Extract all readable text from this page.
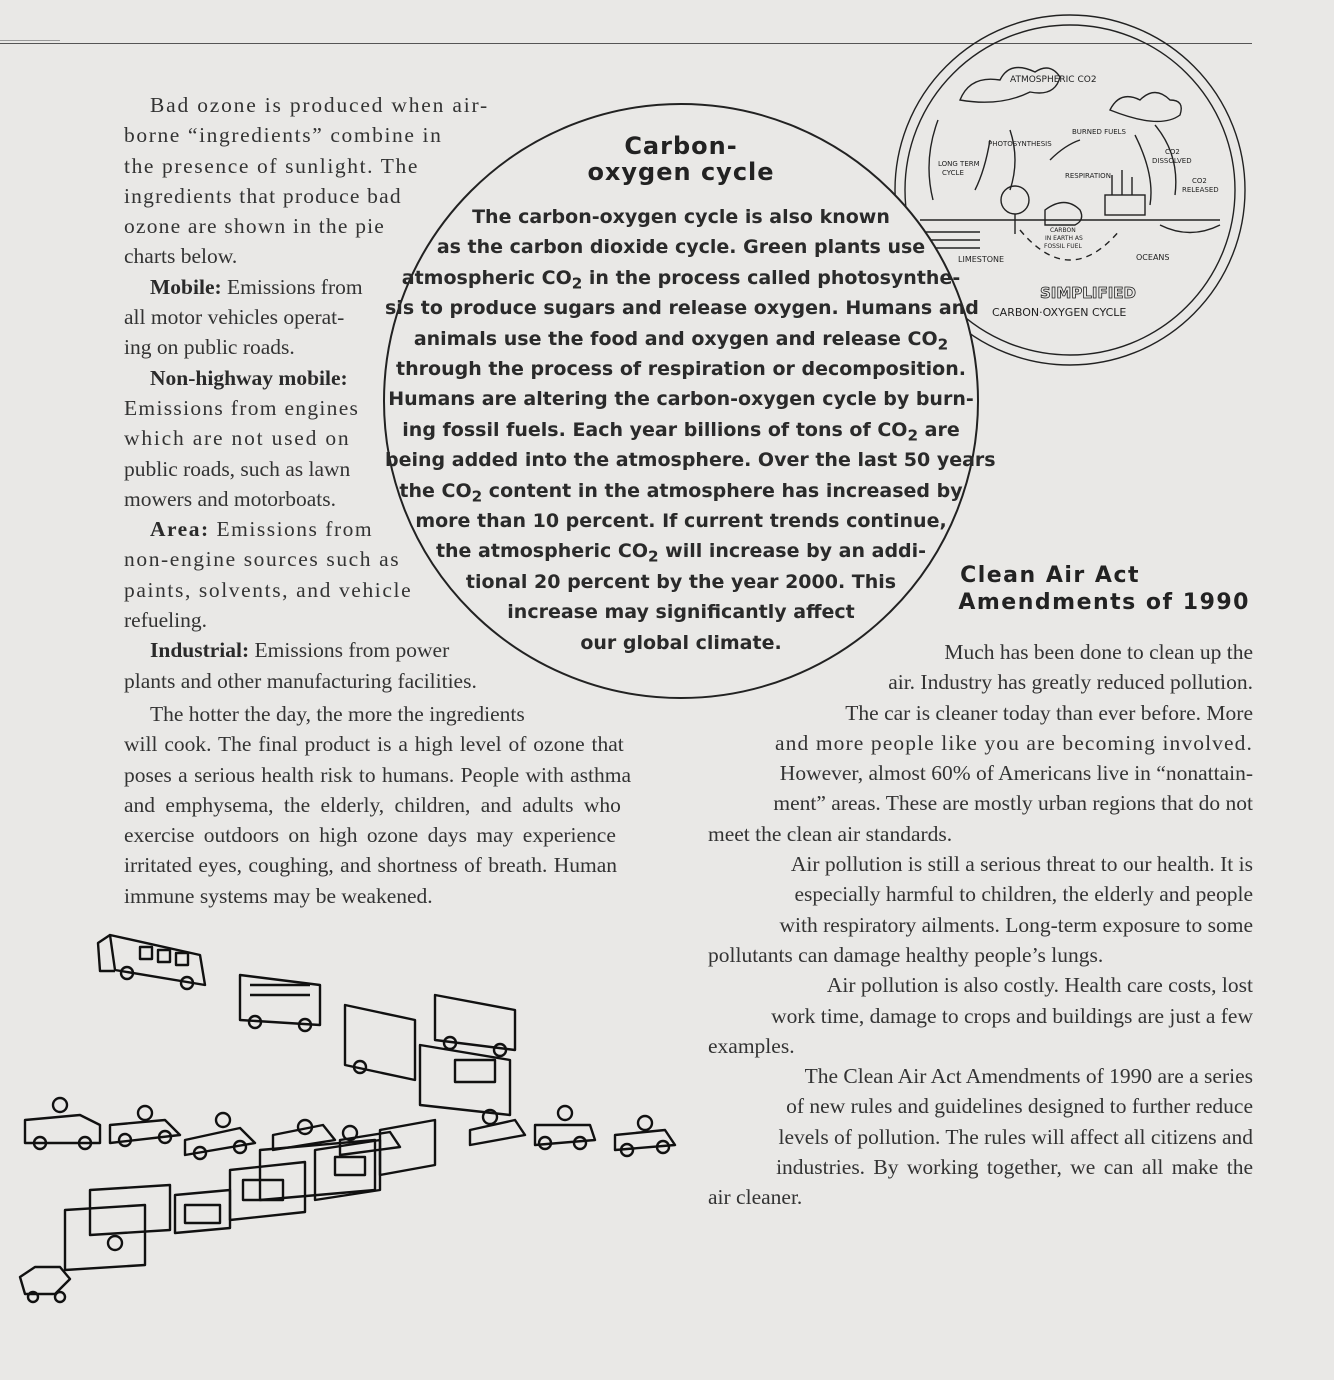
Bad ozone is produced when air-
borne “ingredients” combine in
the presence of sunlight. The
ingredients that produce bad
ozone are shown in the pie
charts below.
Mobile: Emissions from
all motor vehicles operat-
ing on public roads.
Non-highway mobile:
Emissions from engines
which are not used on
public roads, such as lawn
mowers and motorboats.
Area: Emissions from
non-engine sources such as
paints, solvents, and vehicle
refueling.
Industrial: Emissions from power
plants and other manufacturing facilities.
The hotter the day, the more the ingredients
will cook. The final product is a high level of ozone that
poses a serious health risk to humans. People with asthma
and emphysema, the elderly, children, and adults who
exercise outdoors on high ozone days may experience
irritated eyes, coughing, and shortness of breath. Human
immune systems may be weakened.
ATMOSPHERIC CO2
PHOTOSYNTHESIS
BURNED FUELS
LONG TERM
CYCLE	RESPIRATION
CO2
DISSOLVED
CO2
RELEASED
LIMESTONE
CARBON
IN EARTH AS
FOSSIL FUEL
OCEANS
SIMPLIFIED
CARBON·OXYGEN CYCLE
Carbon-
oxygen cycle
The carbon-oxygen cycle is also known
as the carbon dioxide cycle. Green plants use
atmospheric $CO_2$ in the process called photosynthe-
sis to produce sugars and release oxygen. Humans and
animals use the food and oxygen and release $CO_2$
through the process of respiration or decomposition.
Humans are altering the carbon-oxygen cycle by burn-
ing fossil fuels. Each year billions of tons of $CO_2$ are
being added into the atmosphere. Over the last 50 years
the $CO_2$ content in the atmosphere has increased by
more than 10 percent. If current trends continue,
the atmospheric $CO_2$ will increase by an addi-
tional 20 percent by the year 2000. This
increase may significantly affect
our global climate.
Clean Air Act
Amendments of 1990
Much has been done to clean up the
air. Industry has greatly reduced pollution.
The car is cleaner today than ever before. More
and more people like you are becoming involved.
However, almost 60% of Americans live in “nonattain-
ment” areas. These are mostly urban regions that do not
meet the clean air standards.
Air pollution is still a serious threat to our health. It is
especially harmful to children, the elderly and people
with respiratory ailments. Long-term exposure to some
pollutants can damage healthy people’s lungs.
Air pollution is also costly. Health care costs, lost
work time, damage to crops and buildings are just a few
examples.
The Clean Air Act Amendments of 1990 are a series
of new rules and guidelines designed to further reduce
levels of pollution. The rules will affect all citizens and
industries. By working together, we can all make the
air cleaner.
